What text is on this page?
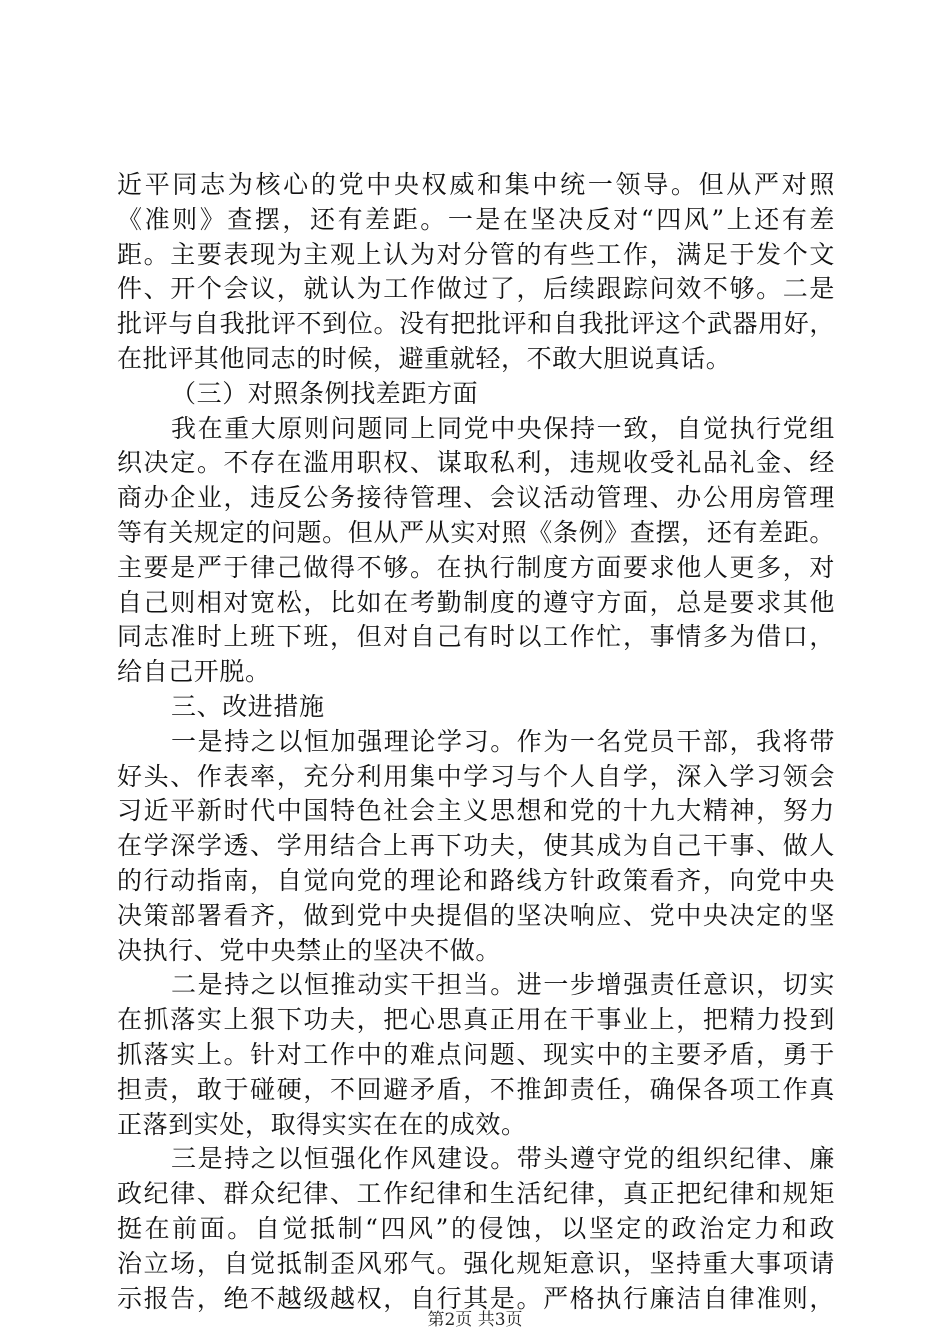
近平同志为核心的党中央权威和集中统一领导。但从严对照
《准则》查摆，还有差距。一是在坚决反对“四风”上还有差
距。主要表现为主观上认为对分管的有些工作，满足于发个文
件、开个会议，就认为工作做过了，后续跟踪问效不够。二是
批评与自我批评不到位。没有把批评和自我批评这个武器用好，
在批评其他同志的时候，避重就轻，不敢大胆说真话。
（三）对照条例找差距方面
我在重大原则问题同上同党中央保持一致，自觉执行党组
织决定。不存在滥用职权、谋取私利，违规收受礼品礼金、经
商办企业，违反公务接待管理、会议活动管理、办公用房管理
等有关规定的问题。但从严从实对照《条例》查摆，还有差距。
主要是严于律己做得不够。在执行制度方面要求他人更多，对
自己则相对宽松，比如在考勤制度的遵守方面，总是要求其他
同志准时上班下班，但对自己有时以工作忙，事情多为借口，
给自己开脱。
三、改进措施
一是持之以恒加强理论学习。作为一名党员干部，我将带
好头、作表率，充分利用集中学习与个人自学，深入学习领会
习近平新时代中国特色社会主义思想和党的十九大精神，努力
在学深学透、学用结合上再下功夫，使其成为自己干事、做人
的行动指南，自觉向党的理论和路线方针政策看齐，向党中央
决策部署看齐，做到党中央提倡的坚决响应、党中央决定的坚
决执行、党中央禁止的坚决不做。
二是持之以恒推动实干担当。进一步增强责任意识，切实
在抓落实上狠下功夫，把心思真正用在干事业上，把精力投到
抓落实上。针对工作中的难点问题、现实中的主要矛盾，勇于
担责，敢于碰硬，不回避矛盾，不推卸责任，确保各项工作真
正落到实处，取得实实在在的成效。
三是持之以恒强化作风建设。带头遵守党的组织纪律、廉
政纪律、群众纪律、工作纪律和生活纪律，真正把纪律和规矩
挺在前面。自觉抵制“四风”的侵蚀，以坚定的政治定力和政
治立场，自觉抵制歪风邪气。强化规矩意识，坚持重大事项请
示报告，绝不越级越权，自行其是。严格执行廉洁自律准则，
第2页 共3页
